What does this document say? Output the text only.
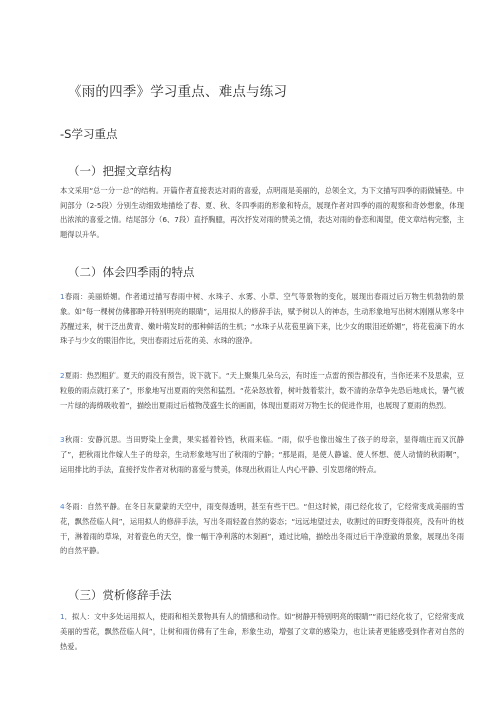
《雨的四季》学习重点、难点与练习
-S学习重点
（一）把握文章结构
本文采用“总一分一总”的结构。开篇作者直接表达对雨的喜爱，点明雨是美丽的，总领全文，为下文描写四季的雨做铺垫。中间部分（2-5段）分别生动细致地描绘了春、夏、秋、冬四季雨的形象和特点，展现作者对四季的雨的观察和奇妙想象，体现出浓浓的喜爱之情。结尾部分（6、7段）直抒胸臆，再次抒发对雨的赞美之情，表达对雨的眷恋和渴望，使文章结构完整，主题得以升华。
（二）体会四季雨的特点
1春雨：美丽娇媚。作者通过描写春雨中树、水珠子、水雾、小草、空气等景物的变化，展现出春雨过后万物生机勃勃的景象。如“每一棵树仿佛都睁开特别明亮的眼睛”，运用拟人的修辞手法，赋予树以人的神态，生动形象地写出树木刚刚从寒冬中苏醒过来，树干泛出黄青、嫩叶萌发时的那种鲜活的生机；“水珠子从花苞里滴下来，比少女的眼泪还娇媚”，将花苞滴下的水珠子与少女的眼泪作比，突出春雨过后花的美、水珠的澄净。
2夏雨：热烈粗犷。夏天的雨没有预告，说下就下。“天上聚集几朵乌云，有时连一点雷的预告都没有，当你还来不及思索，豆粒般的雨点就打来了”，形象地写出夏雨的突然和猛烈。“花朵怒放着，树叶鼓着浆汁，数不清的杂草争先恐后地成长，暑气被一片绿的海绵吸收着”，描绘出夏雨过后植物茂盛生长的画面，体现出夏雨对万物生长的促进作用，也展现了夏雨的热烈。
3秋雨：安静沉思。当田野染上金黄，果实摇着铃铛，秋雨来临。“雨，似乎也像出嫁生了孩子的母亲，显得端庄而又沉静了”，把秋雨比作嫁人生子的母亲，生动形象地写出了秋雨的宁静；“那是雨，是使人静谧、使人怀想、使人动情的秋雨啊”，运用排比的手法，直接抒发作者对秋雨的喜爱与赞美，体现出秋雨让人内心平静、引发思绪的特点。
4冬雨：自然平静。在冬日灰蒙蒙的天空中，雨变得透明，甚至有些干巴。“但这时候，雨已经化妆了，它经常变成美丽的雪花，飘然莅临人间”，运用拟人的修辞手法，写出冬雨轻盈自然的姿态；“远远地望过去，收割过的田野变得很亮，没有叶的枝干，淋着雨的草垛，对着瓷色的天空，像一幅干净利落的木刻画”，通过比喻，描绘出冬雨过后干净澄澈的景象，展现出冬雨的自然平静。
（三）赏析修辞手法
1．拟人：文中多处运用拟人，使雨和相关景物具有人的情感和动作。如“树静开特别明亮的眼睛”“雨已经化妆了，它经常变成美丽的雪花，飘然莅临人间”，让树和雨仿佛有了生命，形象生动，增强了文章的感染力，也让读者更能感受到作者对自然的热爱。
